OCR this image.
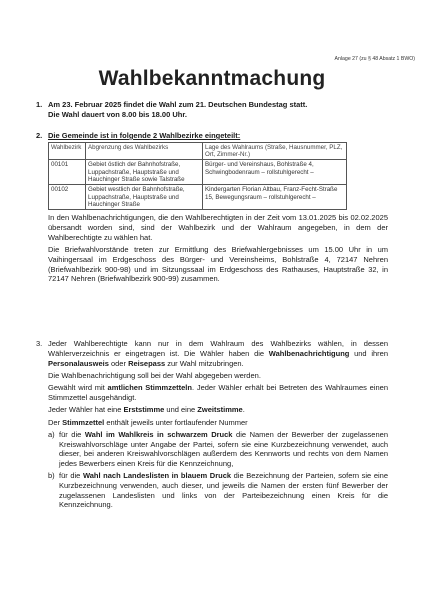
Anlage 27 (zu § 48 Absatz 1 BWO)
Wahlbekanntmachung
1. Am 23. Februar 2025 findet die Wahl zum 21. Deutschen Bundestag statt.
Die Wahl dauert von 8.00 bis 18.00 Uhr.
2. Die Gemeinde ist in folgende 2 Wahlbezirke eingeteilt:
Wahlbezirk	Abgrenzung des Wahlbezirks	Lage des Wahlraums (Straße, Hausnummer, PLZ, Ort, Zimmer-Nr.)
00101	Gebiet östlich der Bahnhofstraße, Luppachstraße, Hauptstraße und Hauchinger Straße sowie Talstraße	Bürger- und Vereinshaus, Bohlstraße 4, Schwingbodenraum – rollstuhlgerecht –
00102	Gebiet westlich der Bahnhofstraße, Luppachstraße, Hauptstraße und Hauchinger Straße	Kindergarten Florian Altbau, Franz-Fecht-Straße 15, Bewegungsraum – rollstuhlgerecht –

In den Wahlbenachrichtigungen, die den Wahlberechtigten in der Zeit vom 13.01.2025 bis 02.02.2025 übersandt worden sind, sind der Wahlbezirk und der Wahlraum angegeben, in dem der Wahlberechtigte zu wählen hat.

Die Briefwahlvorstände treten zur Ermittlung des Briefwahlergebnisses um 15.00 Uhr in um Vaihingersaal im Erdgeschoss des Bürger- und Vereinsheims, Bohlstraße 4, 72147 Nehren (Briefwahlbezirk 900-98) und im Sitzungssaal im Erdgeschoss des Rathauses, Hauptstraße 32, in 72147 Nehren (Briefwahlbezirk 900-99) zusammen.

3. Jeder Wahlberechtigte kann nur in dem Wahlraum des Wahlbezirks wählen, in dessen Wählerverzeichnis er eingetragen ist. Die Wähler haben die Wahlbenachrichtigung und ihren Personalausweis oder Reisepass zur Wahl mitzubringen.

Die Wahlbenachrichtigung soll bei der Wahl abgegeben werden.

Gewählt wird mit amtlichen Stimmzetteln. Jeder Wähler erhält bei Betreten des Wahlraumes einen Stimmzettel ausgehändigt.

Jeder Wähler hat eine Erststimme und eine Zweitstimme.

Der Stimmzettel enthält jeweils unter fortlaufender Nummer

a) für die Wahl im Wahlkreis in schwarzem Druck die Namen der Bewerber der zugelassenen Kreiswahlvorschläge unter Angabe der Partei, sofern sie eine Kurzbezeichnung verwendet, auch dieser, bei anderen Kreiswahlvorschlägen außerdem des Kennworts und rechts von dem Namen jedes Bewerbers einen Kreis für die Kennzeichnung,
b) für die Wahl nach Landeslisten in blauem Druck die Bezeichnung der Parteien, sofern sie eine Kurzbezeichnung verwenden, auch dieser, und jeweils die Namen der ersten fünf Bewerber der zugelassenen Landeslisten und links von der Parteibezeichnung einen Kreis für die Kennzeichnung.
